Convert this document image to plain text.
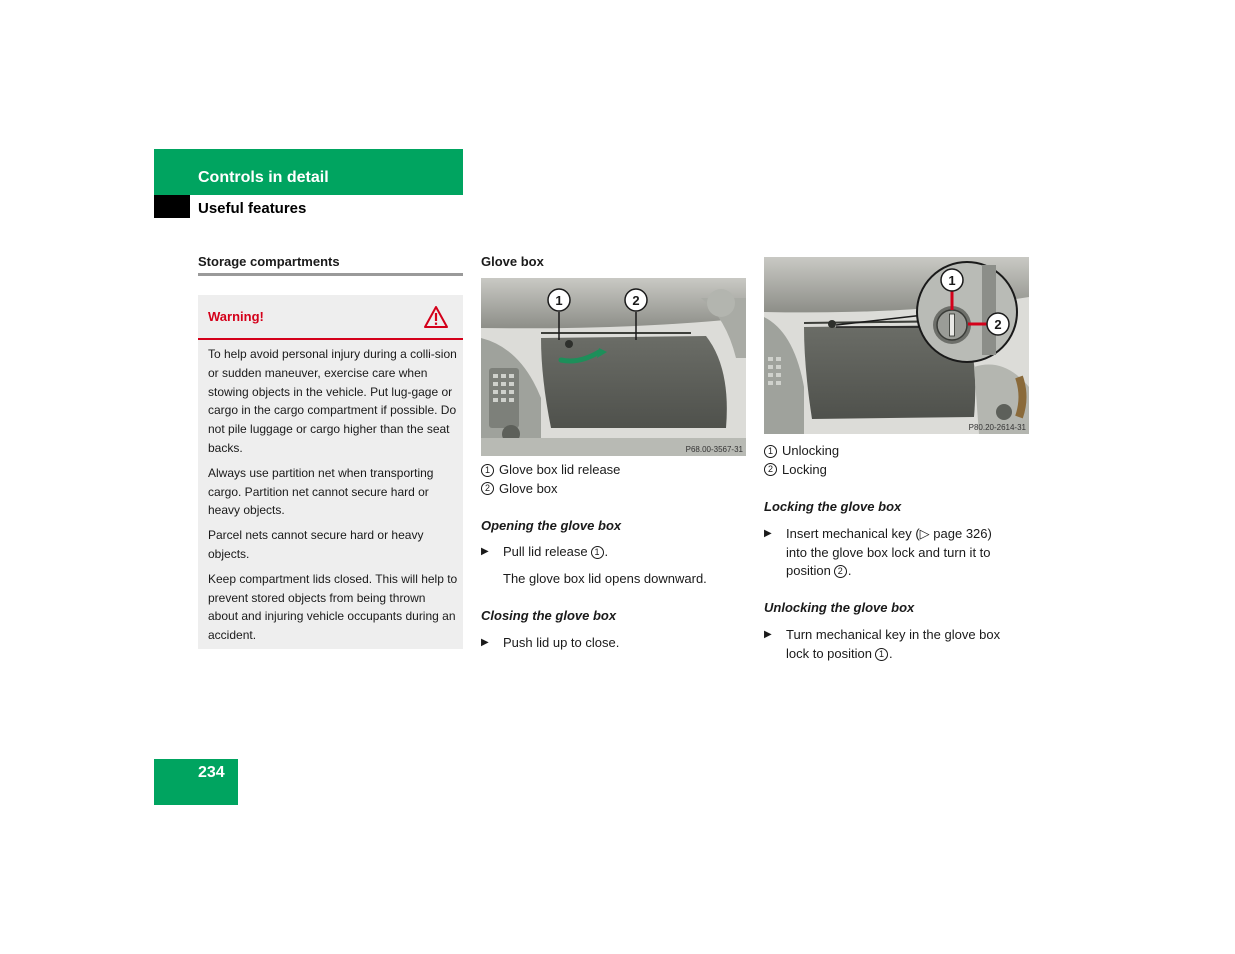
Controls in detail
Useful features
Storage compartments
Warning!

To help avoid personal injury during a colli-sion or sudden maneuver, exercise care when stowing objects in the vehicle. Put lug-gage or cargo in the cargo compartment if possible. Do not pile luggage or cargo higher than the seat backs.

Always use partition net when transporting cargo. Partition net cannot secure hard or heavy objects.

Parcel nets cannot secure hard or heavy objects.

Keep compartment lids closed. This will help to prevent stored objects from being thrown about and injuring vehicle occupants during an accident.

Glove box
1	2
P68.00-3567-31
1 Glove box lid release
2 Glove box
Opening the glove box
▶ Pull lid release 1 .
The glove box lid opens downward.
Closing the glove box
▶ Push lid up to close.
1
2
P80.20-2614-31
1 Unlocking
2 Locking
Locking the glove box
▶ Insert mechanical key (▷ page 326)
into the glove box lock and turn it to
position 2 .
Unlocking the glove box
▶ Turn mechanical key in the glove box
lock to position 1 .
234
